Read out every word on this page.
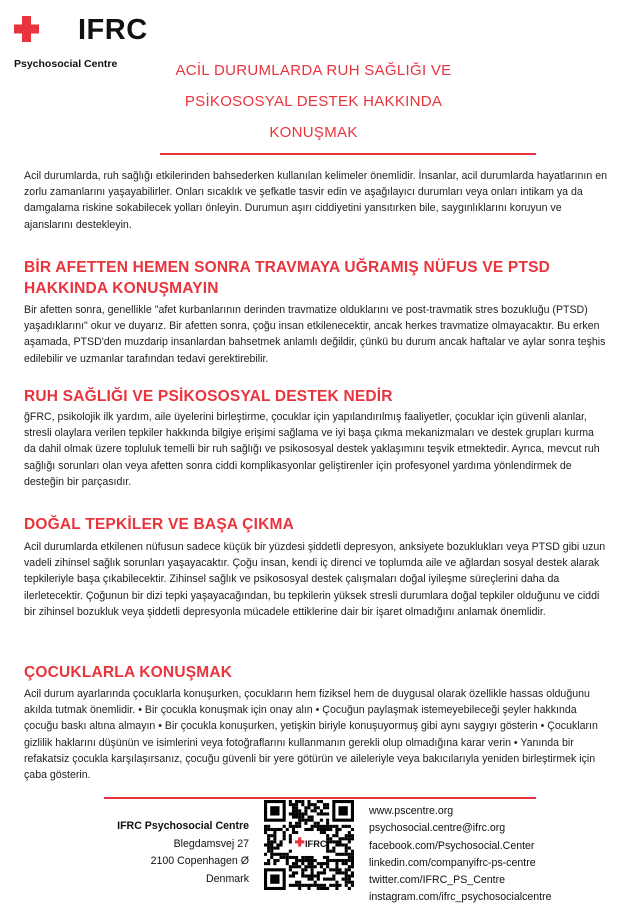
IFRC
Psychosocial Centre	ACİL DURUMLARDA RUH SAĞLIĞI VE
PSİKOSOSYAL DESTEK HAKKINDA
KONUŞMAK

Acil durumlarda, ruh sağlığı etkilerinden bahsederken kullanılan kelimeler önemlidir. İnsanlar, acil durumlarda hayatlarının en zorlu zamanlarını yaşayabilirler. Onları sıcaklık ve şefkatle tasvir edin ve aşağılayıcı durumları veya onları intikam ya da damgalama riskine sokabilecek yolları önleyin. Durumun aşırı ciddiyetini yansıtırken bile, saygınlıklarını koruyun ve ajanslarını destekleyin.

BİR AFETTEN HEMEN SONRA TRAVMAYA UĞRAMIŞ NÜFUS VE PTSD HAKKINDA KONUŞMAYIN

Bir afetten sonra, genellikle "afet kurbanlarının derinden travmatize olduklarını ve post-travmatik stres bozukluğu (PTSD) yaşadıklarını" okur ve duyarız. Bir afetten sonra, çoğu insan etkilenecektir, ancak herkes travmatize olmayacaktır. Bu erken aşamada, PTSD'den muzdarip insanlardan bahsetmek anlamlı değildir, çünkü bu durum ancak haftalar ve aylar sonra teşhis edilebilir ve uzmanlar tarafından tedavi gerektirebilir.

RUH SAĞLIĞI VE PSİKOSOSYAL DESTEK NEDİR

ğFRC, psikolojik ilk yardım, aile üyelerini birleştirme, çocuklar için yapılandırılmış faaliyetler, çocuklar için güvenli alanlar, stresli olaylara verilen tepkiler hakkında bilgiye erişimi sağlama ve iyi başa çıkma mekanizmaları ve destek grupları kurma da dahil olmak üzere topluluk temelli bir ruh sağlığı ve psikososyal destek yaklaşımını teşvik etmektedir. Ayrıca, mevcut ruh sağlığı sorunları olan veya afetten sonra ciddi komplikasyonlar geliştirenler için profesyonel yardıma yönlendirmek de desteğin bir parçasıdır.

DOĞAL TEPKİLER VE BAŞA ÇIKMA

Acil durumlarda etkilenen nüfusun sadece küçük bir yüzdesi şiddetli depresyon, anksiyete bozuklukları veya PTSD gibi uzun vadeli zihinsel sağlık sorunları yaşayacaktır. Çoğu insan, kendi iç direnci ve toplumda aile ve ağlardan sosyal destek alarak tepkileriyle başa çıkabilecektir. Zihinsel sağlık ve psikososyal destek çalışmaları doğal iyileşme süreçlerini daha da ilerletecektir. Çoğunun bir dizi tepki yaşayacağından, bu tepkilerin yüksek stresli durumlara doğal tepkiler olduğunu ve ciddi bir zihinsel bozukluk veya şiddetli depresyonla mücadele ettiklerine dair bir işaret olmadığını anlamak önemlidir.

ÇOCUKLARLA KONUŞMAK

Acil durum ayarlarında çocuklarla konuşurken, çocukların hem fiziksel hem de duygusal olarak özellikle hassas olduğunu akılda tutmak önemlidir. • Bir çocukla konuşmak için onay alın • Çocuğun paylaşmak istemeyebileceği şeyler hakkında çocuğu baskı altına almayın • Bir çocukla konuşurken, yetişkin biriyle konuşuyormuş gibi aynı saygıyı gösterin • Çocukların gizlilik haklarını düşünün ve isimlerini veya fotoğraflarını kullanmanın gerekli olup olmadığına karar verin • Yanında bir refakatsiz çocukla karşılaşırsanız, çocuğu güvenli bir yere götürün ve aileleriyle veya bakıcılarıyla yeniden birleştirmek için çaba gösterin.

IFRC Psychosocial Centre
Blegdamsvej 27
2100 Copenhagen Ø
Denmark
IFRC
www.pscentre.org
psychosocial.centre@ifrc.org
facebook.com/Psychosocial.Center
linkedin.com/companyifrc-ps-centre
twitter.com/IFRC_PS_Centre
instagram.com/ifrc_psychosocialcentre
